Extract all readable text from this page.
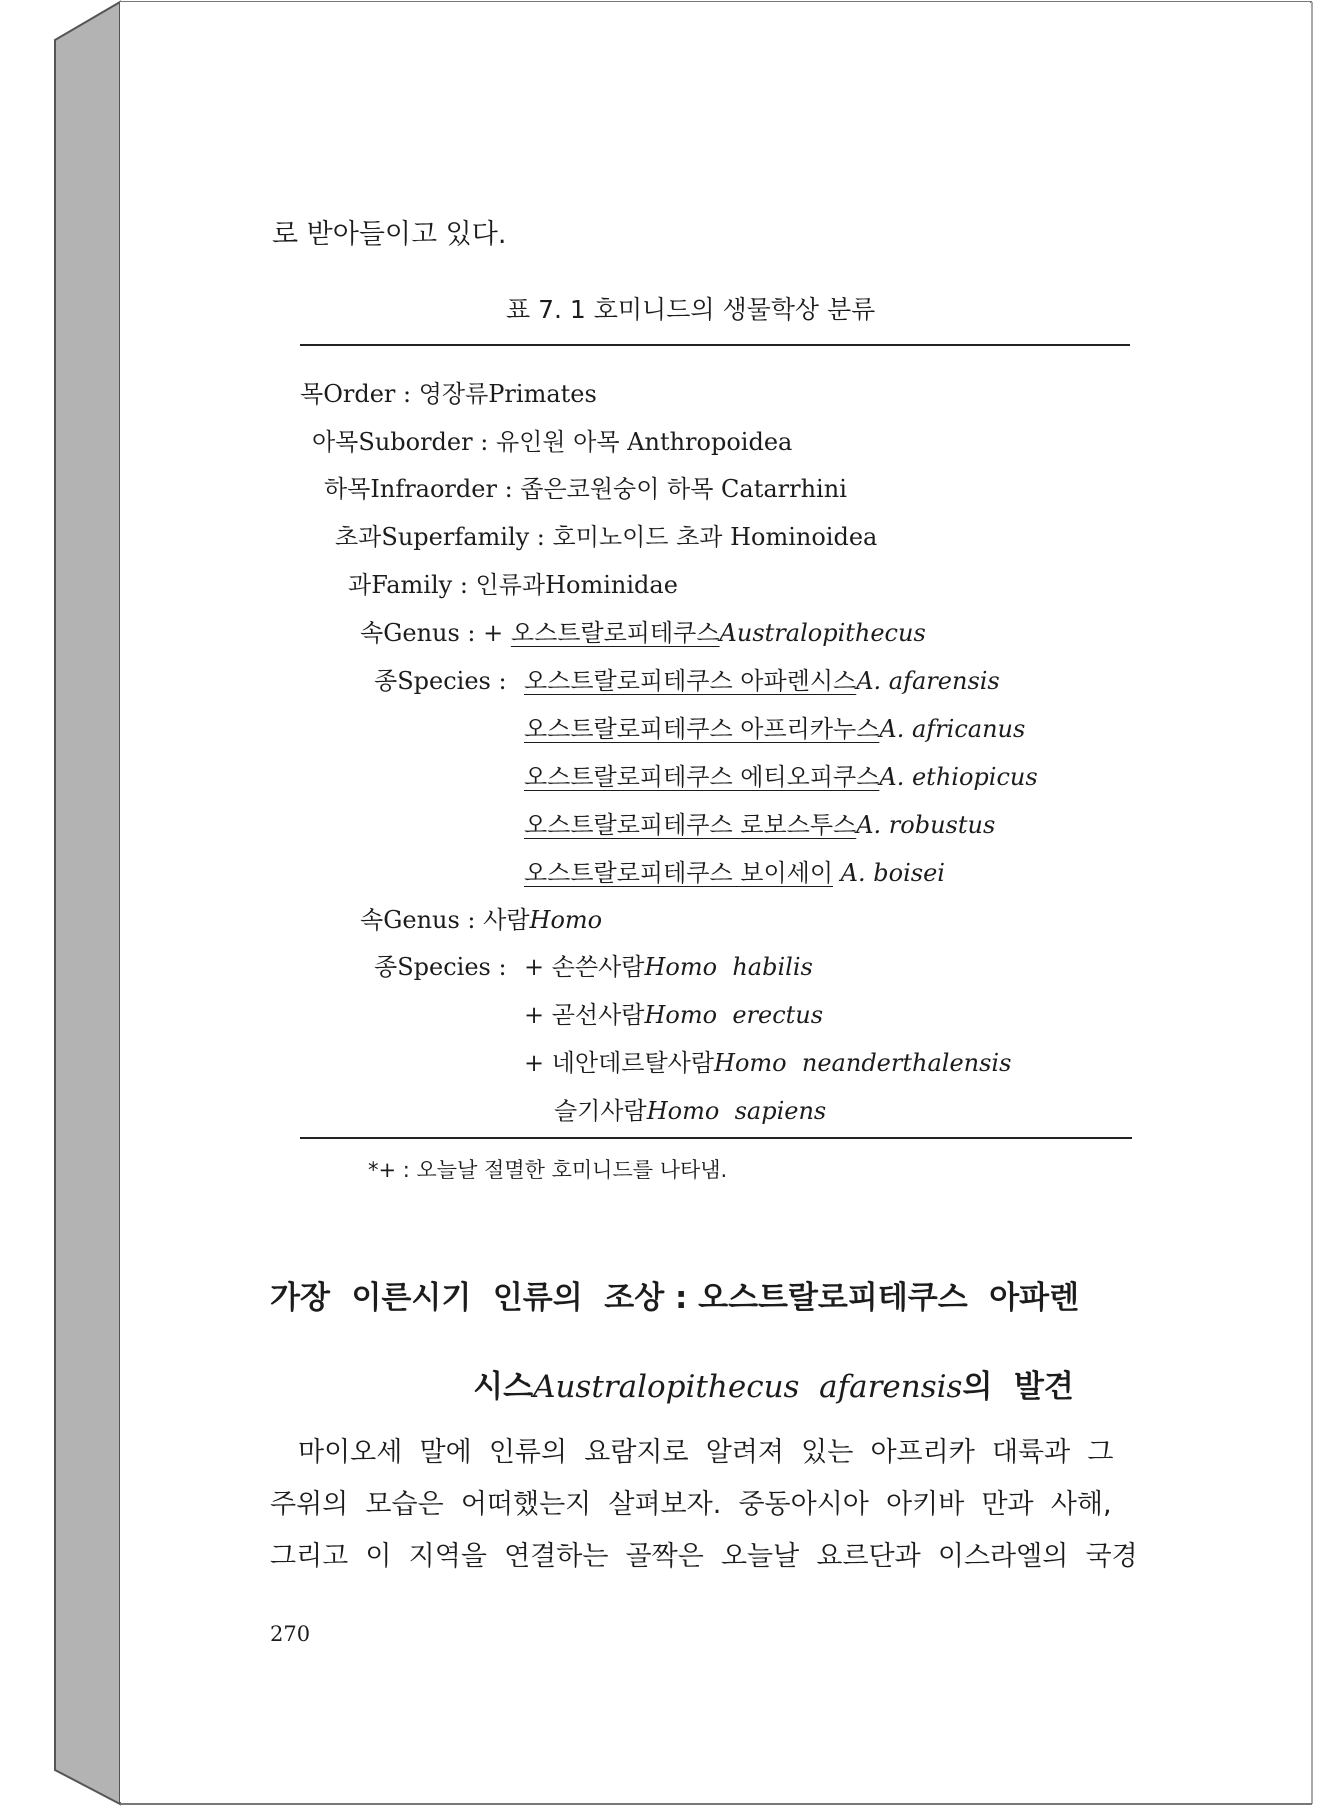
로 받아들이고 있다.
표 7. 1 호미니드의 생물학상 분류
목Order : 영장류Primates
아목Suborder : 유인원 아목 Anthropoidea
하목Infraorder : 좁은코원숭이 하목 Catarrhini
초과Superfamily : 호미노이드 초과 Hominoidea
과Family : 인류과Hominidae
속Genus : + 오스트랄로피테쿠스Australopithecus
종Species : 오스트랄로피테쿠스 아파렌시스A. afarensis
오스트랄로피테쿠스 아프리카누스A. africanus
오스트랄로피테쿠스 에티오피쿠스A. ethiopicus
오스트랄로피테쿠스 로보스투스A. robustus
오스트랄로피테쿠스 보이세이 A. boisei
속Genus : 사람Homo
종Species : + 손쓴사람Homo  habilis
+ 곧선사람Homo  erectus
+ 네안데르탈사람Homo  neanderthalensis
슬기사람Homo  sapiens
*+ : 오늘날 절멸한 호미니드를 나타냄.
가장  이른시기  인류의  조상 : 오스트랄로피테쿠스  아파렌

시스Australopithecus  afarensis의  발견

마이오세  말에  인류의  요람지로  알려져  있는  아프리카  대륙과  그
주위의  모습은  어떠했는지  살펴보자.  중동아시아  아키바  만과  사해,
그리고  이  지역을  연결하는  골짝은  오늘날  요르단과  이스라엘의  국경
270
